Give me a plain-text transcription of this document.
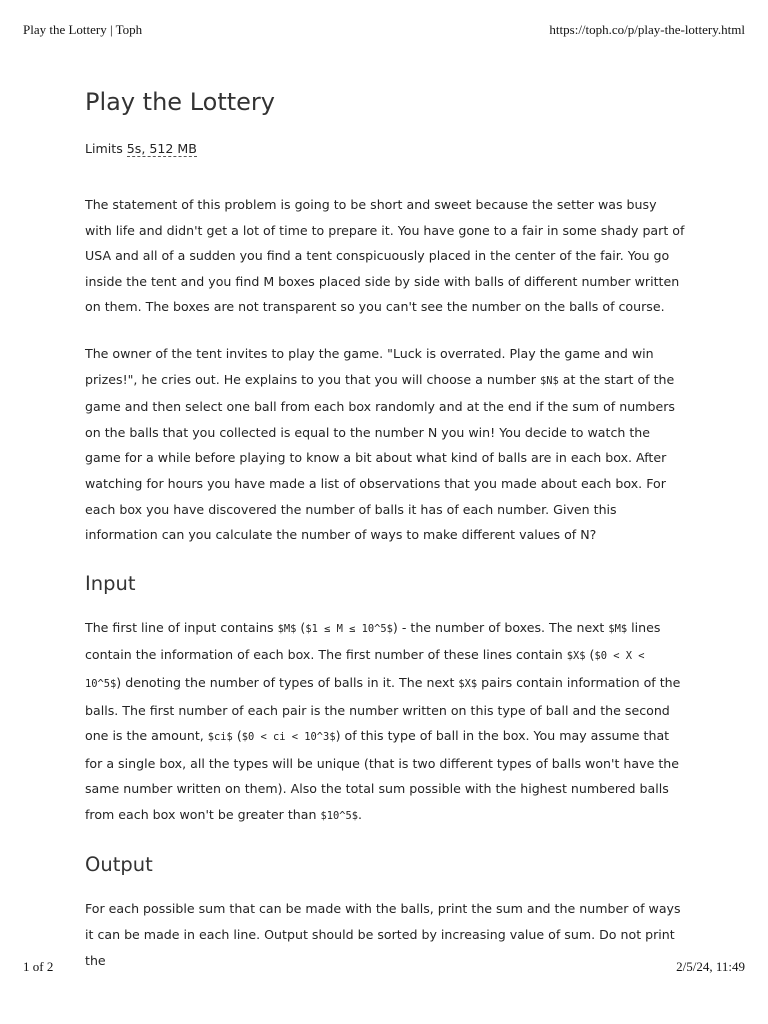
Play the Lottery | Toph	https://toph.co/p/play-the-lottery.html
Play the Lottery
Limits 5s, 512 MB

The statement of this problem is going to be short and sweet because the setter was busy with life and didn't get a lot of time to prepare it. You have gone to a fair in some shady part of USA and all of a sudden you find a tent conspicuously placed in the center of the fair. You go inside the tent and you find M boxes placed side by side with balls of different number written on them. The boxes are not transparent so you can't see the number on the balls of course.

The owner of the tent invites to play the game. "Luck is overrated. Play the game and win prizes!", he cries out. He explains to you that you will choose a number $N$ at the start of the game and then select one ball from each box randomly and at the end if the sum of numbers on the balls that you collected is equal to the number N you win! You decide to watch the game for a while before playing to know a bit about what kind of balls are in each box. After watching for hours you have made a list of observations that you made about each box. For each box you have discovered the number of balls it has of each number. Given this information can you calculate the number of ways to make different values of N?

Input

The first line of input contains $M$ ($1 ≤ M ≤ 10^5$) - the number of boxes. The next $M$ lines contain the information of each box. The first number of these lines contain $X$ ($0 < X < 10^5$) denoting the number of types of balls in it. The next $X$ pairs contain information of the balls. The first number of each pair is the number written on this type of ball and the second one is the amount, $ci$ ($0 < ci < 10^3$) of this type of ball in the box. You may assume that for a single box, all the types will be unique (that is two different types of balls won't have the same number written on them). Also the total sum possible with the highest numbered balls from each box won't be greater than $10^5$.

Output

For each possible sum that can be made with the balls, print the sum and the number of ways it can be made in each line. Output should be sorted by increasing value of sum. Do not print the

1 of 2	2/5/24, 11:49
